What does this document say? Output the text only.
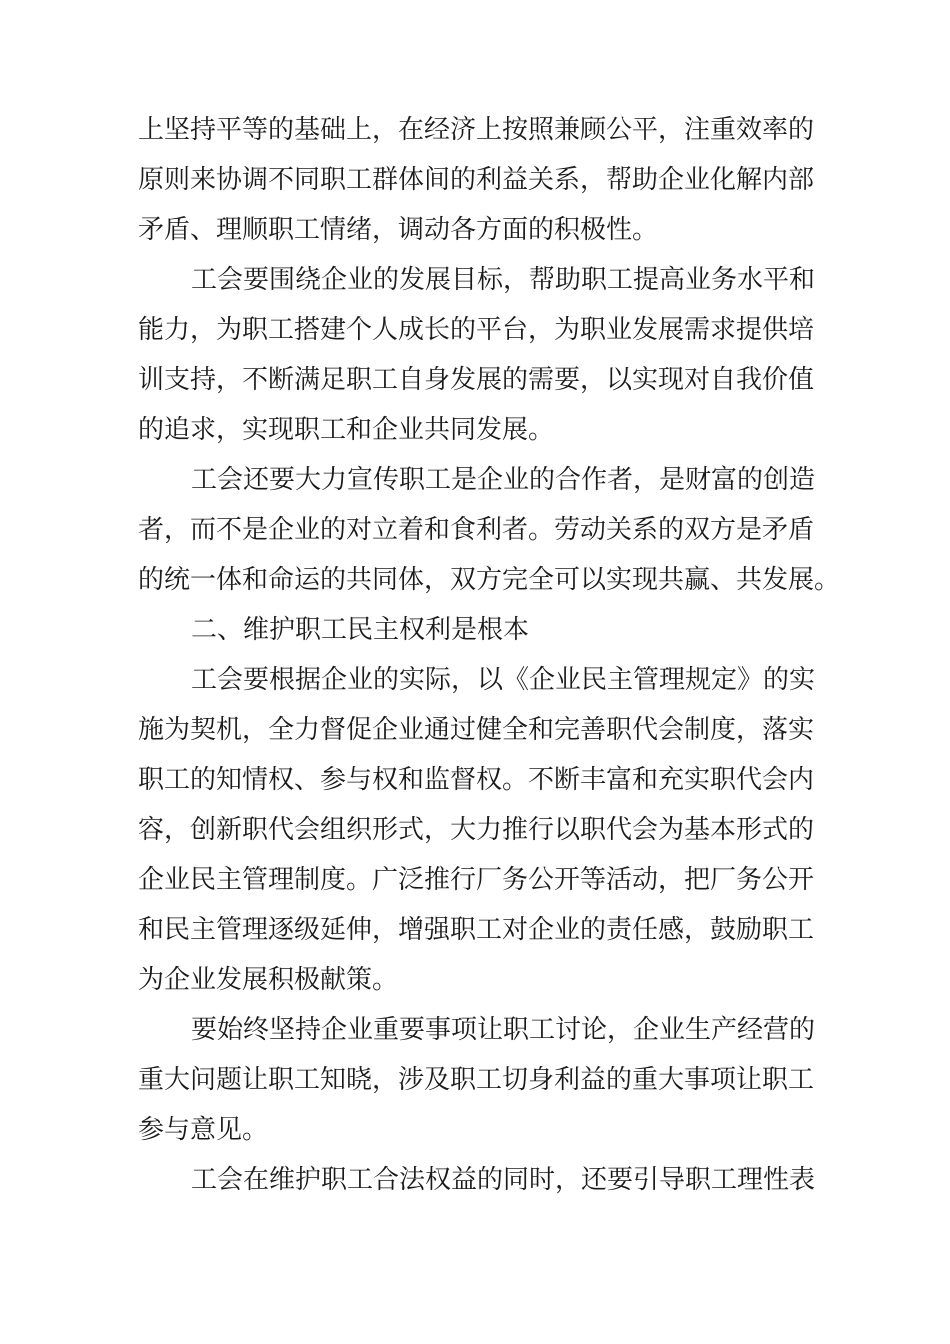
上坚持平等的基础上，在经济上按照兼顾公平，注重效率的

原则来协调不同职工群体间的利益关系，帮助企业化解内部

矛盾、理顺职工情绪，调动各方面的积极性。

工会要围绕企业的发展目标，帮助职工提高业务水平和

能力，为职工搭建个人成长的平台，为职业发展需求提供培

训支持，不断满足职工自身发展的需要，以实现对自我价值

的追求，实现职工和企业共同发展。

工会还要大力宣传职工是企业的合作者，是财富的创造

者，而不是企业的对立着和食利者。劳动关系的双方是矛盾

的统一体和命运的共同体，双方完全可以实现共赢、共发展。

二、维护职工民主权利是根本

工会要根据企业的实际，以《企业民主管理规定》的实

施为契机，全力督促企业通过健全和完善职代会制度，落实

职工的知情权、参与权和监督权。不断丰富和充实职代会内

容，创新职代会组织形式，大力推行以职代会为基本形式的

企业民主管理制度。广泛推行厂务公开等活动，把厂务公开

和民主管理逐级延伸，增强职工对企业的责任感，鼓励职工

为企业发展积极献策。

要始终坚持企业重要事项让职工讨论，企业生产经营的

重大问题让职工知晓，涉及职工切身利益的重大事项让职工

参与意见。

工会在维护职工合法权益的同时，还要引导职工理性表
